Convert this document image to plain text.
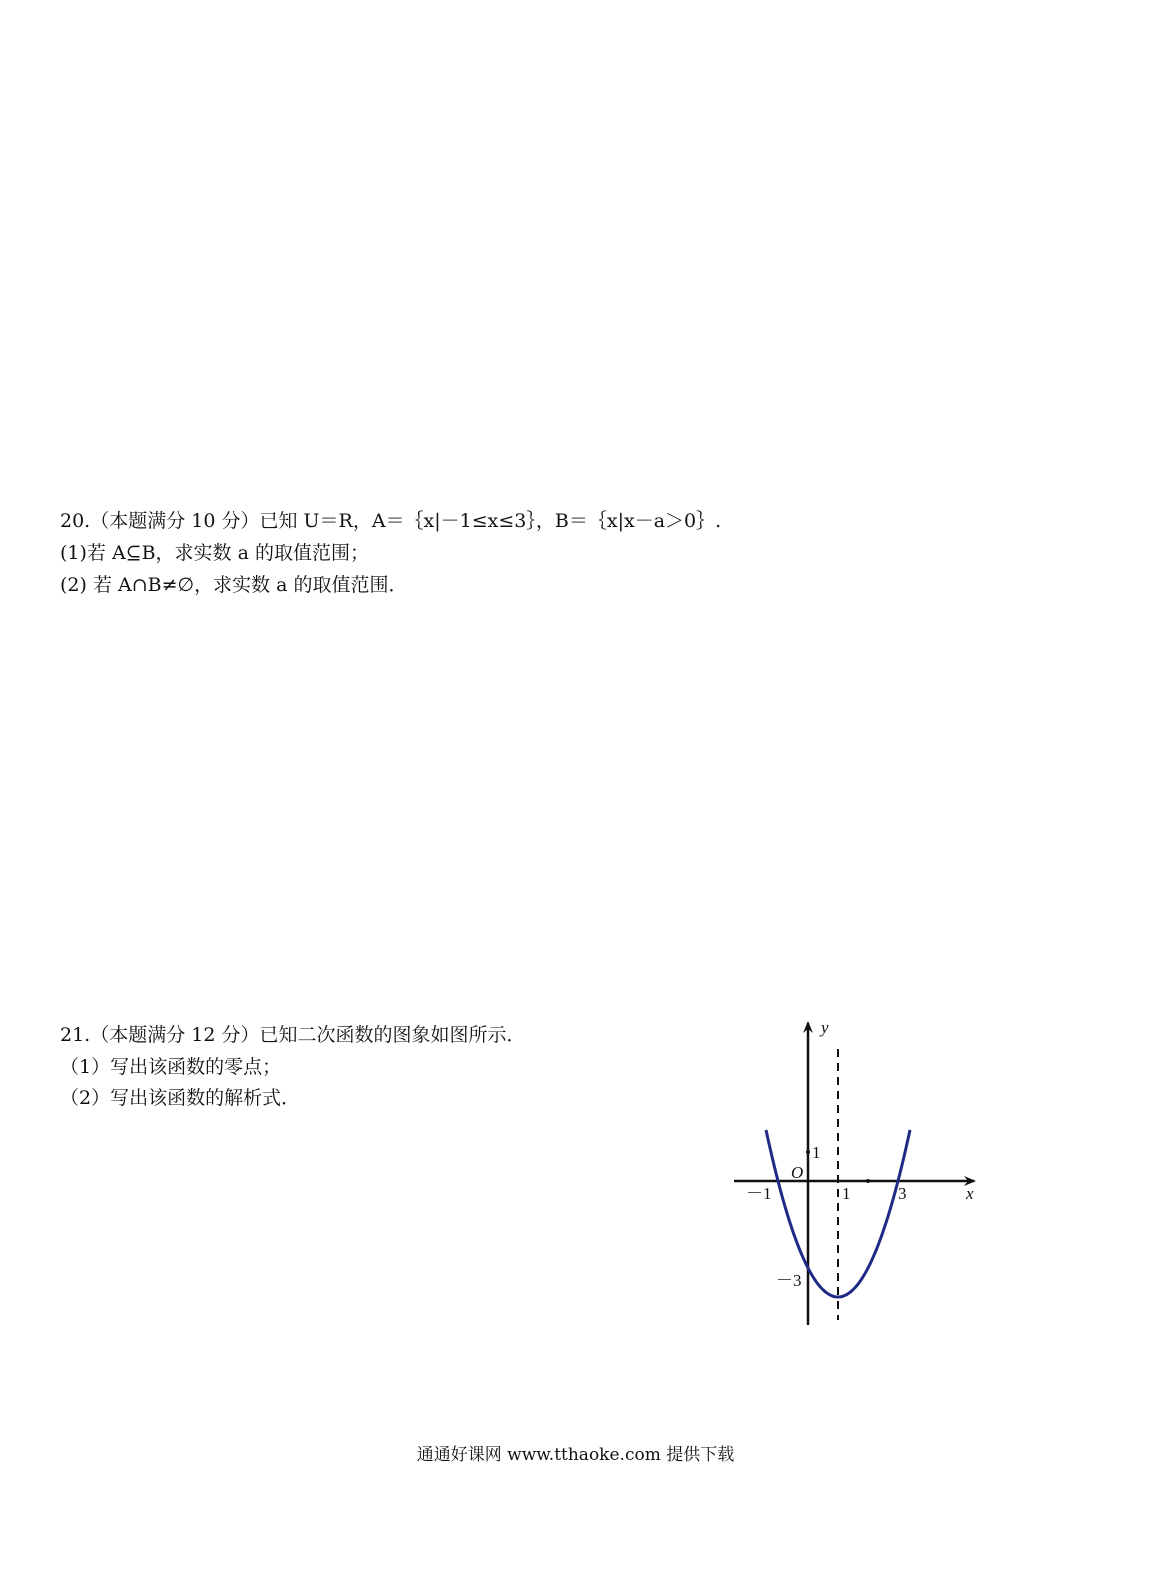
20.（本题满分 10 分）已知 U＝R，A＝｛x|－1≤x≤3｝，B＝｛x|x－a＞0｝.
(1)若 A⊆B，求实数 a 的取值范围；
(2) 若 A∩B≠∅，求实数 a 的取值范围．
21.（本题满分 12 分）已知二次函数的图象如图所示．
（1）写出该函数的零点；
（2）写出该函数的解析式．
y
x
O
－1	1	3
1
－3
通通好课网 www.tthaoke.com 提供下载
